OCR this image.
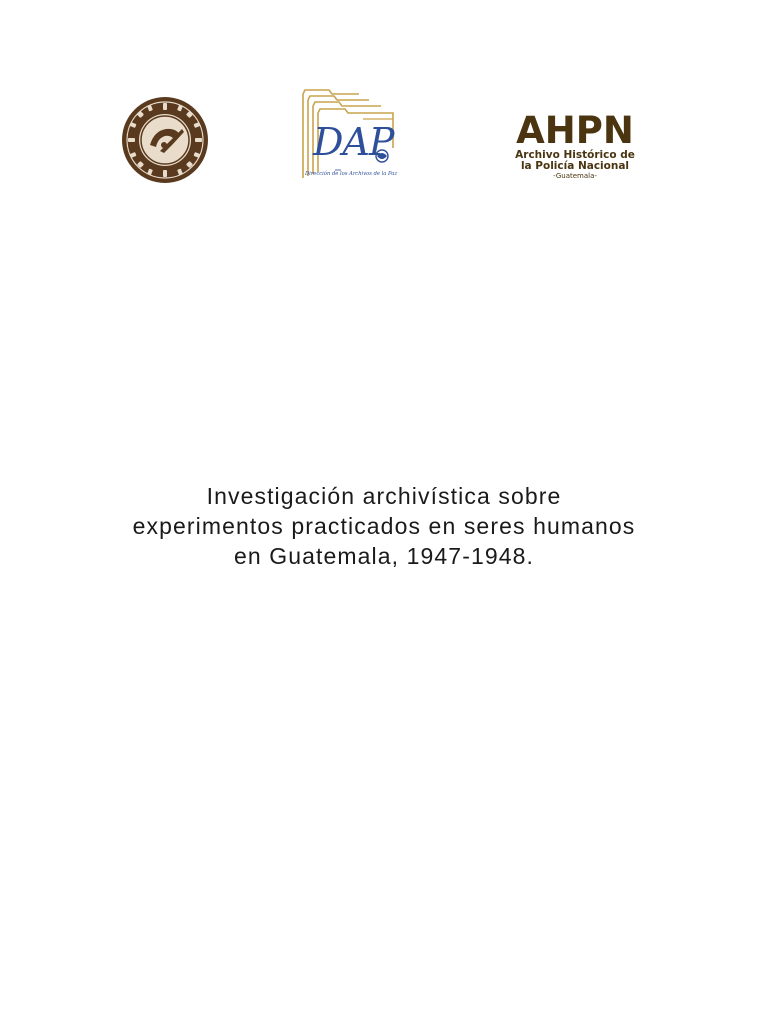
DAP
Dirección de los Archivos de la Paz
AHPN
Archivo Histórico de
la Policía Nacional
-Guatemala-
Investigación archivística sobre
experimentos practicados en seres humanos
en Guatemala, 1947-1948.
